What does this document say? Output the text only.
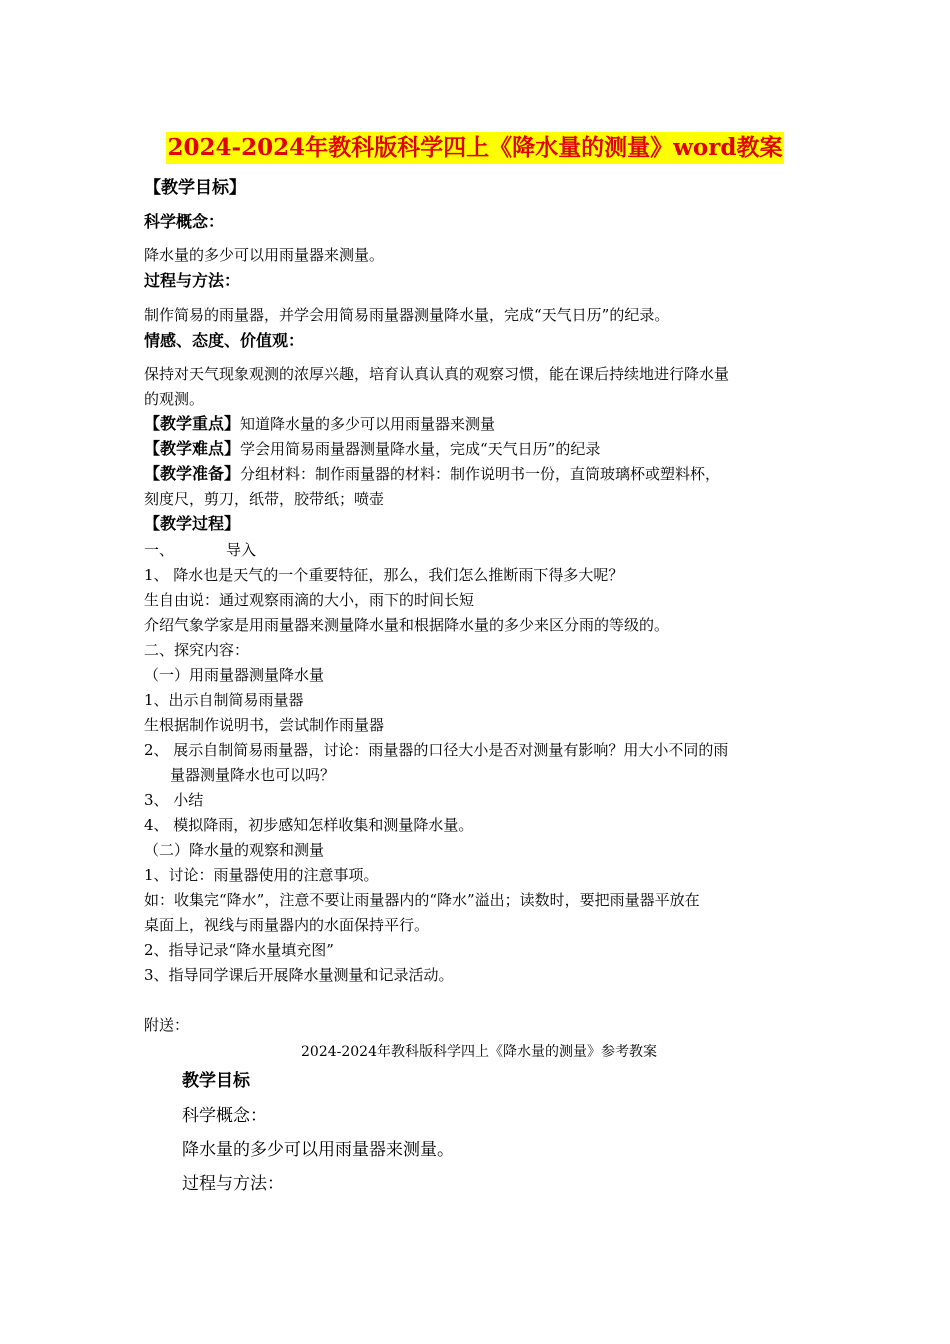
2024-2024年教科版科学四上《降水量的测量》word教案
【教学目标】
科学概念：
降水量的多少可以用雨量器来测量。
过程与方法：
制作简易的雨量器，并学会用简易雨量器测量降水量，完成“天气日历”的纪录。
情感、态度、价值观：
保持对天气现象观测的浓厚兴趣，培育认真认真的观察习惯，能在课后持续地进行降水量
的观测。
【教学重点】知道降水量的多少可以用雨量器来测量
【教学难点】学会用简易雨量器测量降水量，完成“天气日历”的纪录
【教学准备】分组材料：制作雨量器的材料：制作说明书一份，直筒玻璃杯或塑料杯，
刻度尺，剪刀，纸带，胶带纸；喷壶
【教学过程】
一、	导入
1、 降水也是天气的一个重要特征，那么，我们怎么推断雨下得多大呢？
生自由说：通过观察雨滴的大小，雨下的时间长短
介绍气象学家是用雨量器来测量降水量和根据降水量的多少来区分雨的等级的。
二、探究内容：
（一）用雨量器测量降水量
1、出示自制简易雨量器
生根据制作说明书，尝试制作雨量器
2、 展示自制简易雨量器，讨论：雨量器的口径大小是否对测量有影响？用大小不同的雨
量器测量降水也可以吗？
3、 小结
4、 模拟降雨，初步感知怎样收集和测量降水量。
（二）降水量的观察和测量
1、讨论：雨量器使用的注意事项。
如：收集完“降水”，注意不要让雨量器内的“降水”溢出；读数时，要把雨量器平放在
桌面上，视线与雨量器内的水面保持平行。
2、指导记录“降水量填充图”
3、指导同学课后开展降水量测量和记录活动。
附送：
2024-2024年教科版科学四上《降水量的测量》参考教案
教学目标
科学概念：
降水量的多少可以用雨量器来测量。
过程与方法：
